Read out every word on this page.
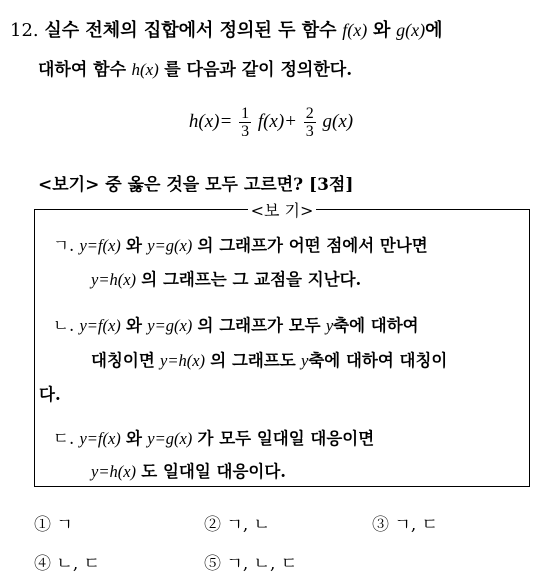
12. 실수 전체의 집합에서 정의된 두 함수 f(x) 와 g(x)에
대하여 함수 h(x) 를 다음과 같이 정의한다.
$h(x)= \frac{1}{3} f(x)+ \frac{2}{3} g(x)$
<보기> 중 옳은 것을 모두 고르면? [3점]
<보 기>
ㄱ. y=f(x) 와 y=g(x) 의 그래프가 어떤 점에서 만나면
y=h(x) 의 그래프는 그 교점을 지난다.
ㄴ. y=f(x) 와 y=g(x) 의 그래프가 모두 y축에 대하여
대칭이면 y=h(x) 의 그래프도 y축에 대하여 대칭이
다.
ㄷ. y=f(x) 와 y=g(x) 가 모두 일대일 대응이면
y=h(x) 도 일대일 대응이다.
① ㄱ	② ㄱ, ㄴ	③ ㄱ, ㄷ
④ ㄴ, ㄷ	⑤ ㄱ, ㄴ, ㄷ
